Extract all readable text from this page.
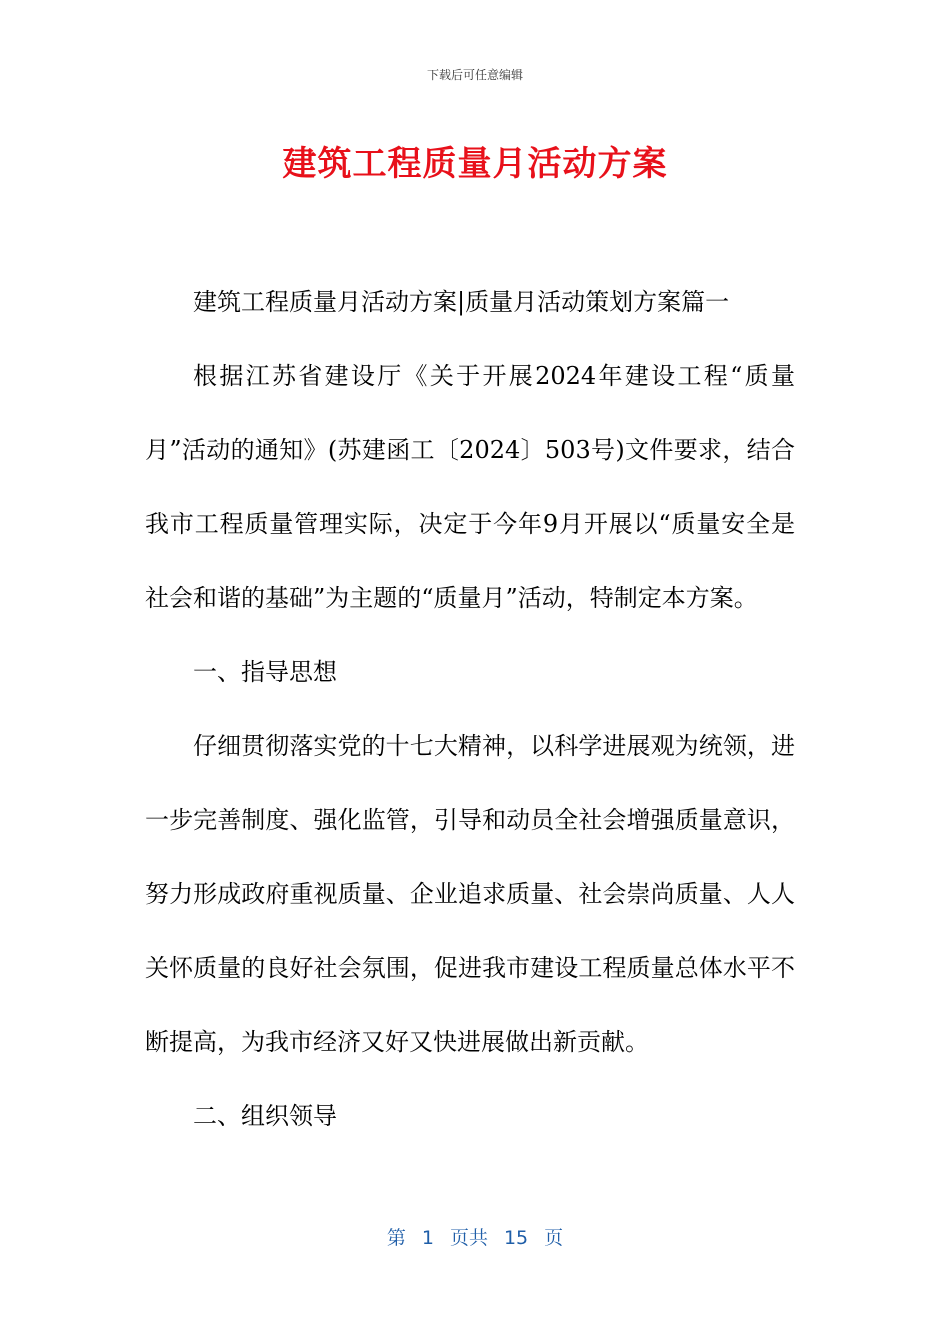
下载后可任意编辑
建筑工程质量月活动方案

建筑工程质量月活动方案|质量月活动策划方案篇一

根据江苏省建设厅《关于开展2024年建设工程“质量月”活动的通知》(苏建函工〔2024〕503号)文件要求，结合我市工程质量管理实际，决定于今年9月开展以“质量安全是社会和谐的基础”为主题的“质量月”活动，特制定本方案。

一、指导思想

仔细贯彻落实党的十七大精神，以科学进展观为统领，进一步完善制度、强化监管，引导和动员全社会增强质量意识，努力形成政府重视质量、企业追求质量、社会崇尚质量、人人关怀质量的良好社会氛围，促进我市建设工程质量总体水平不断提高，为我市经济又好又快进展做出新贡献。

二、组织领导

第 1 页共 15 页
